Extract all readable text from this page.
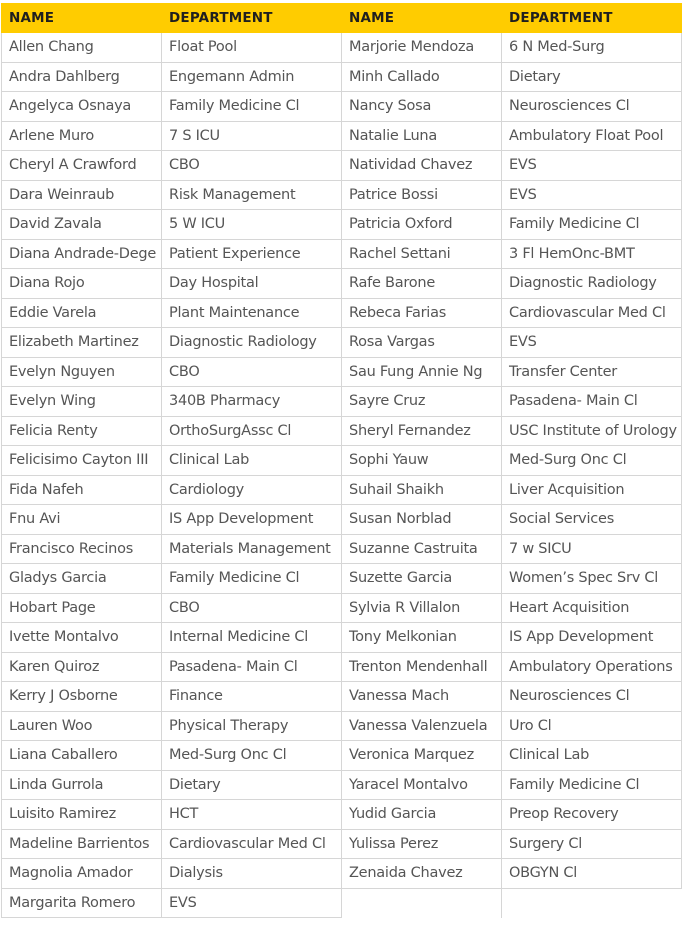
NAME	DEPARTMENT	NAME	DEPARTMENT
Allen Chang	Float Pool	Marjorie Mendoza	6 N Med-Surg
Andra Dahlberg	Engemann Admin	Minh Callado	Dietary
Angelyca Osnaya	Family Medicine Cl	Nancy Sosa	Neurosciences Cl
Arlene Muro	7 S ICU	Natalie Luna	Ambulatory Float Pool
Cheryl A Crawford	CBO	Natividad Chavez	EVS
Dara Weinraub	Risk Management	Patrice Bossi	EVS
David Zavala	5 W ICU	Patricia Oxford	Family Medicine Cl
Diana Andrade-Dege	Patient Experience	Rachel Settani	3 Fl HemOnc-BMT
Diana Rojo	Day Hospital	Rafe Barone	Diagnostic Radiology
Eddie Varela	Plant Maintenance	Rebeca Farias	Cardiovascular Med Cl
Elizabeth Martinez	Diagnostic Radiology	Rosa Vargas	EVS
Evelyn Nguyen	CBO	Sau Fung Annie Ng	Transfer Center
Evelyn Wing	340B Pharmacy	Sayre Cruz	Pasadena- Main Cl
Felicia Renty	OrthoSurgAssc Cl	Sheryl Fernandez	USC Institute of Urology
Felicisimo Cayton III	Clinical Lab	Sophi Yauw	Med-Surg Onc Cl
Fida Nafeh	Cardiology	Suhail Shaikh	Liver Acquisition
Fnu Avi	IS App Development	Susan Norblad	Social Services
Francisco Recinos	Materials Management	Suzanne Castruita	7 w SICU
Gladys Garcia	Family Medicine Cl	Suzette Garcia	Women’s Spec Srv Cl
Hobart Page	CBO	Sylvia R Villalon	Heart Acquisition
Ivette Montalvo	Internal Medicine Cl	Tony Melkonian	IS App Development
Karen Quiroz	Pasadena- Main Cl	Trenton Mendenhall	Ambulatory Operations
Kerry J Osborne	Finance	Vanessa Mach	Neurosciences Cl
Lauren Woo	Physical Therapy	Vanessa Valenzuela	Uro Cl
Liana Caballero	Med-Surg Onc Cl	Veronica Marquez	Clinical Lab
Linda Gurrola	Dietary	Yaracel Montalvo	Family Medicine Cl
Luisito Ramirez	HCT	Yudid Garcia	Preop Recovery
Madeline Barrientos	Cardiovascular Med Cl	Yulissa Perez	Surgery Cl
Magnolia Amador	Dialysis	Zenaida Chavez	OBGYN Cl
Margarita Romero	EVS		
